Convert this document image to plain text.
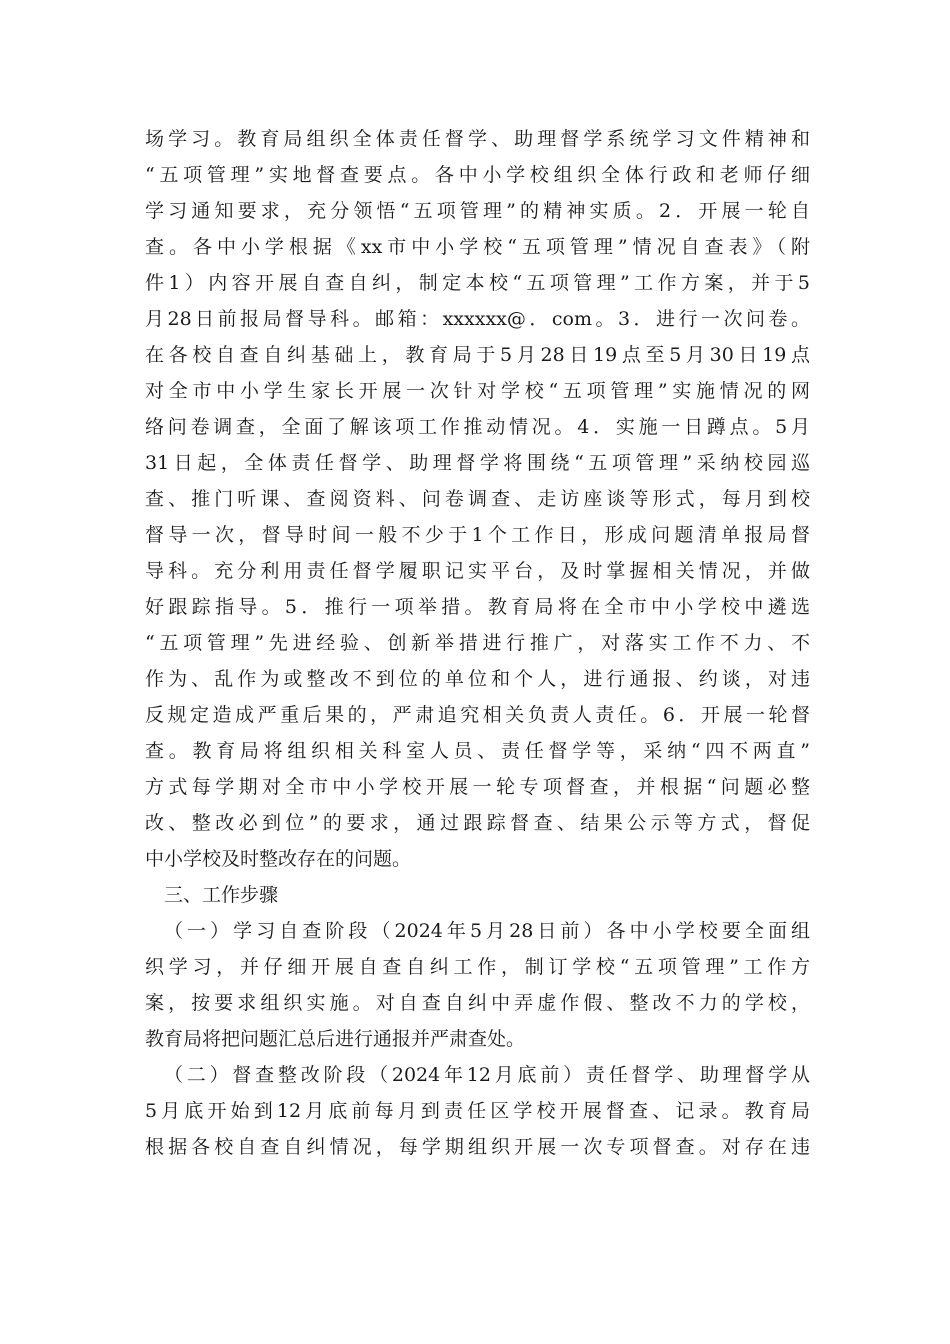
场学习。教育局组织全体责任督学、助理督学系统学习文件精神和
“五项管理”实地督查要点。各中小学校组织全体行政和老师仔细
学习通知要求，充分领悟“五项管理”的精神实质。2．开展一轮自
查。各中小学根据《xx市中小学校“五项管理”情况自查表》（附
件1）内容开展自查自纠，制定本校“五项管理”工作方案，并于5
月28日前报局督导科。邮箱：xxxxxx@．com。3．进行一次问卷。
在各校自查自纠基础上，教育局于5月28日19点至5月30日19点
对全市中小学生家长开展一次针对学校“五项管理”实施情况的网
络问卷调查，全面了解该项工作推动情况。4．实施一日蹲点。5月
31日起，全体责任督学、助理督学将围绕“五项管理”采纳校园巡
查、推门听课、查阅资料、问卷调查、走访座谈等形式，每月到校
督导一次，督导时间一般不少于1个工作日，形成问题清单报局督
导科。充分利用责任督学履职记实平台，及时掌握相关情况，并做
好跟踪指导。5．推行一项举措。教育局将在全市中小学校中遴选
“五项管理”先进经验、创新举措进行推广，对落实工作不力、不
作为、乱作为或整改不到位的单位和个人，进行通报、约谈，对违
反规定造成严重后果的，严肃追究相关负责人责任。6．开展一轮督
查。教育局将组织相关科室人员、责任督学等，采纳“四不两直”
方式每学期对全市中小学校开展一轮专项督查，并根据“问题必整
改、整改必到位”的要求，通过跟踪督查、结果公示等方式，督促
中小学校及时整改存在的问题。
三、工作步骤
（一）学习自查阶段（2024年5月28日前）各中小学校要全面组
织学习，并仔细开展自查自纠工作，制订学校“五项管理”工作方
案，按要求组织实施。对自查自纠中弄虚作假、整改不力的学校，
教育局将把问题汇总后进行通报并严肃查处。
（二）督查整改阶段（2024年12月底前）责任督学、助理督学从
5月底开始到12月底前每月到责任区学校开展督查、记录。教育局
根据各校自查自纠情况，每学期组织开展一次专项督查。对存在违
